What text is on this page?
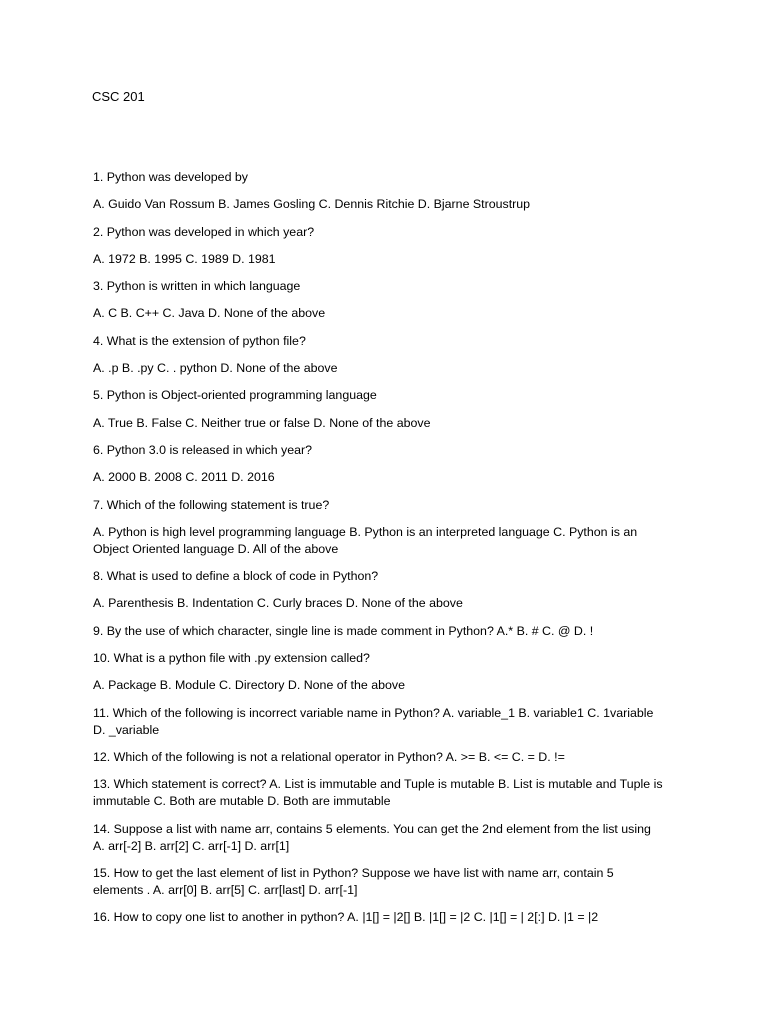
CSC 201

1. Python was developed by

A. Guido Van Rossum B. James Gosling C. Dennis Ritchie D. Bjarne Stroustrup

2. Python was developed in which year?

A. 1972 B. 1995 C. 1989 D. 1981

3. Python is written in which language

A. C B. C++ C. Java D. None of the above

4. What is the extension of python file?

A. .p B. .py C. . python D. None of the above

5. Python is Object-oriented programming language

A. True B. False C. Neither true or false D. None of the above

6. Python 3.0 is released in which year?

A. 2000 B. 2008 C. 2011 D. 2016

7. Which of the following statement is true?

A. Python is high level programming language B. Python is an interpreted language C. Python is an Object Oriented language D. All of the above

8. What is used to define a block of code in Python?

A. Parenthesis B. Indentation C. Curly braces D. None of the above

9. By the use of which character, single line is made comment in Python? A.* B. # C. @ D. !

10. What is a python file with .py extension called?

A. Package B. Module C. Directory D. None of the above

11. Which of the following is incorrect variable name in Python? A. variable_1 B. variable1 C. 1variable D. _variable

12. Which of the following is not a relational operator in Python? A. >= B. <= C. = D. !=

13. Which statement is correct? A. List is immutable and Tuple is mutable B. List is mutable and Tuple is immutable C. Both are mutable D. Both are immutable

14. Suppose a list with name arr, contains 5 elements. You can get the 2nd element from the list using A. arr[-2] B. arr[2] C. arr[-1] D. arr[1]

15. How to get the last element of list in Python? Suppose we have list with name arr, contain 5 elements . A. arr[0] B. arr[5] C. arr[last] D. arr[-1]

16. How to copy one list to another in python? A. |1[] = |2[] B. |1[] = |2 C. |1[] = | 2[:] D. |1 = |2
